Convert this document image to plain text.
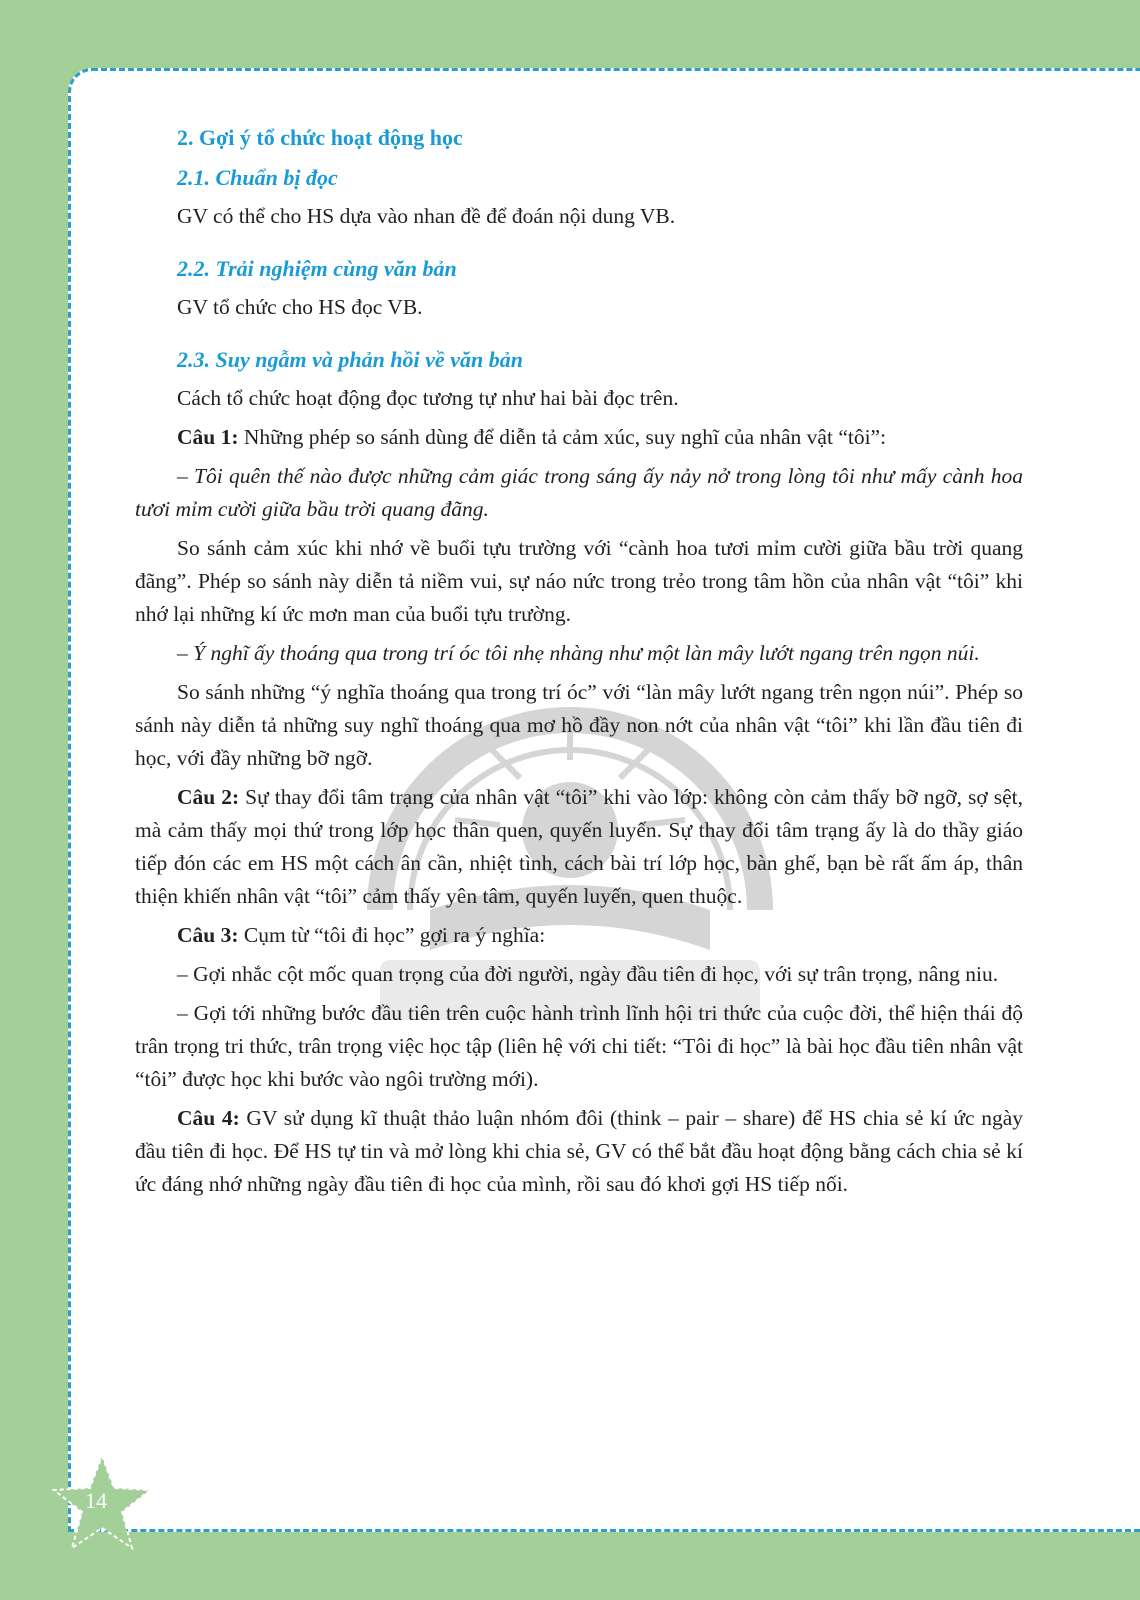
2. Gợi ý tổ chức hoạt động học
2.1. Chuẩn bị đọc

GV có thể cho HS dựa vào nhan đề để đoán nội dung VB.

2.2. Trải nghiệm cùng văn bản

GV tổ chức cho HS đọc VB.

2.3. Suy ngẫm và phản hồi về văn bản

Cách tổ chức hoạt động đọc tương tự như hai bài đọc trên.

Câu 1: Những phép so sánh dùng để diễn tả cảm xúc, suy nghĩ của nhân vật “tôi”:

– Tôi quên thế nào được những cảm giác trong sáng ấy nảy nở trong lòng tôi như mấy cành hoa tươi mỉm cười giữa bầu trời quang đãng.

So sánh cảm xúc khi nhớ về buổi tựu trường với “cành hoa tươi mỉm cười giữa bầu trời quang đãng”. Phép so sánh này diễn tả niềm vui, sự náo nức trong trẻo trong tâm hồn của nhân vật “tôi” khi nhớ lại những kí ức mơn man của buổi tựu trường.

– Ý nghĩ ấy thoáng qua trong trí óc tôi nhẹ nhàng như một làn mây lướt ngang trên ngọn núi.

So sánh những “ý nghĩa thoáng qua trong trí óc” với “làn mây lướt ngang trên ngọn núi”. Phép so sánh này diễn tả những suy nghĩ thoáng qua mơ hồ đầy non nớt của nhân vật “tôi” khi lần đầu tiên đi học, với đầy những bỡ ngỡ.

Câu 2: Sự thay đổi tâm trạng của nhân vật “tôi” khi vào lớp: không còn cảm thấy bỡ ngỡ, sợ sệt, mà cảm thấy mọi thứ trong lớp học thân quen, quyến luyến. Sự thay đổi tâm trạng ấy là do thầy giáo tiếp đón các em HS một cách ân cần, nhiệt tình, cách bài trí lớp học, bàn ghế, bạn bè rất ấm áp, thân thiện khiến nhân vật “tôi” cảm thấy yên tâm, quyến luyến, quen thuộc.

Câu 3: Cụm từ “tôi đi học” gợi ra ý nghĩa:

– Gợi nhắc cột mốc quan trọng của đời người, ngày đầu tiên đi học, với sự trân trọng, nâng niu.

– Gợi tới những bước đầu tiên trên cuộc hành trình lĩnh hội tri thức của cuộc đời, thể hiện thái độ trân trọng tri thức, trân trọng việc học tập (liên hệ với chi tiết: “Tôi đi học” là bài học đầu tiên nhân vật “tôi” được học khi bước vào ngôi trường mới).

Câu 4: GV sử dụng kĩ thuật thảo luận nhóm đôi (think – pair – share) để HS chia sẻ kí ức ngày đầu tiên đi học. Để HS tự tin và mở lòng khi chia sẻ, GV có thể bắt đầu hoạt động bằng cách chia sẻ kí ức đáng nhớ những ngày đầu tiên đi học của mình, rồi sau đó khơi gợi HS tiếp nối.

14
